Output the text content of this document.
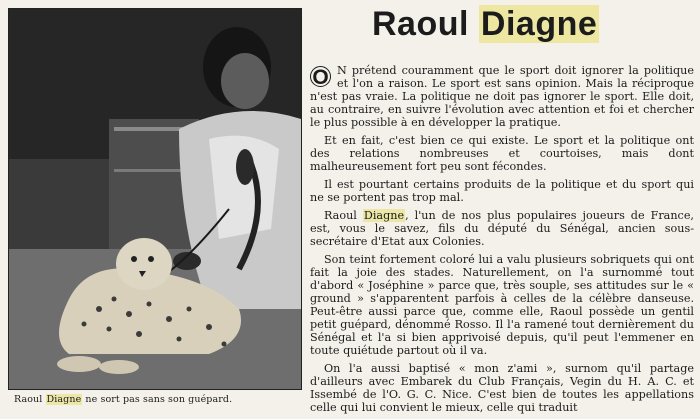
Raoul Diagne ne sort pas sans son guépard.
Raoul Diagne

O N prétend couramment que le sport doit ignorer la politique et l'on a raison. Le sport est sans opinion. Mais la réciproque n'est pas vraie. La politique ne doit pas ignorer le sport. Elle doit, au contraire, en suivre l'évolution avec attention et foi et chercher le plus possible à en développer la pratique.

Et en fait, c'est bien ce qui existe. Le sport et la politique ont des relations nombreuses et courtoises, mais dont malheureusement fort peu sont fécondes.

Il est pourtant certains produits de la politique et du sport qui ne se portent pas trop mal.

Raoul Diagne, l'un de nos plus populaires joueurs de France, est, vous le savez, fils du député du Sénégal, ancien sous-secrétaire d'Etat aux Colonies.

Son teint fortement coloré lui a valu plusieurs sobriquets qui ont fait la joie des stades. Naturellement, on l'a surnommé tout d'abord « Joséphine » parce que, très souple, ses attitudes sur le « ground » s'apparentent parfois à celles de la célèbre danseuse. Peut-être aussi parce que, comme elle, Raoul possède un gentil petit guépard, dénommé Rosso. Il l'a ramené tout dernièrement du Sénégal et l'a si bien apprivoisé depuis, qu'il peut l'emmener en toute quiétude partout où il va.

On l'a aussi baptisé « mon z'ami », surnom qu'il partage d'ailleurs avec Embarek du Club Français, Vegin du H. A. C. et Issembé de l'O. G. C. Nice. C'est bien de toutes les appellations celle qui lui convient le mieux, celle qui traduit
